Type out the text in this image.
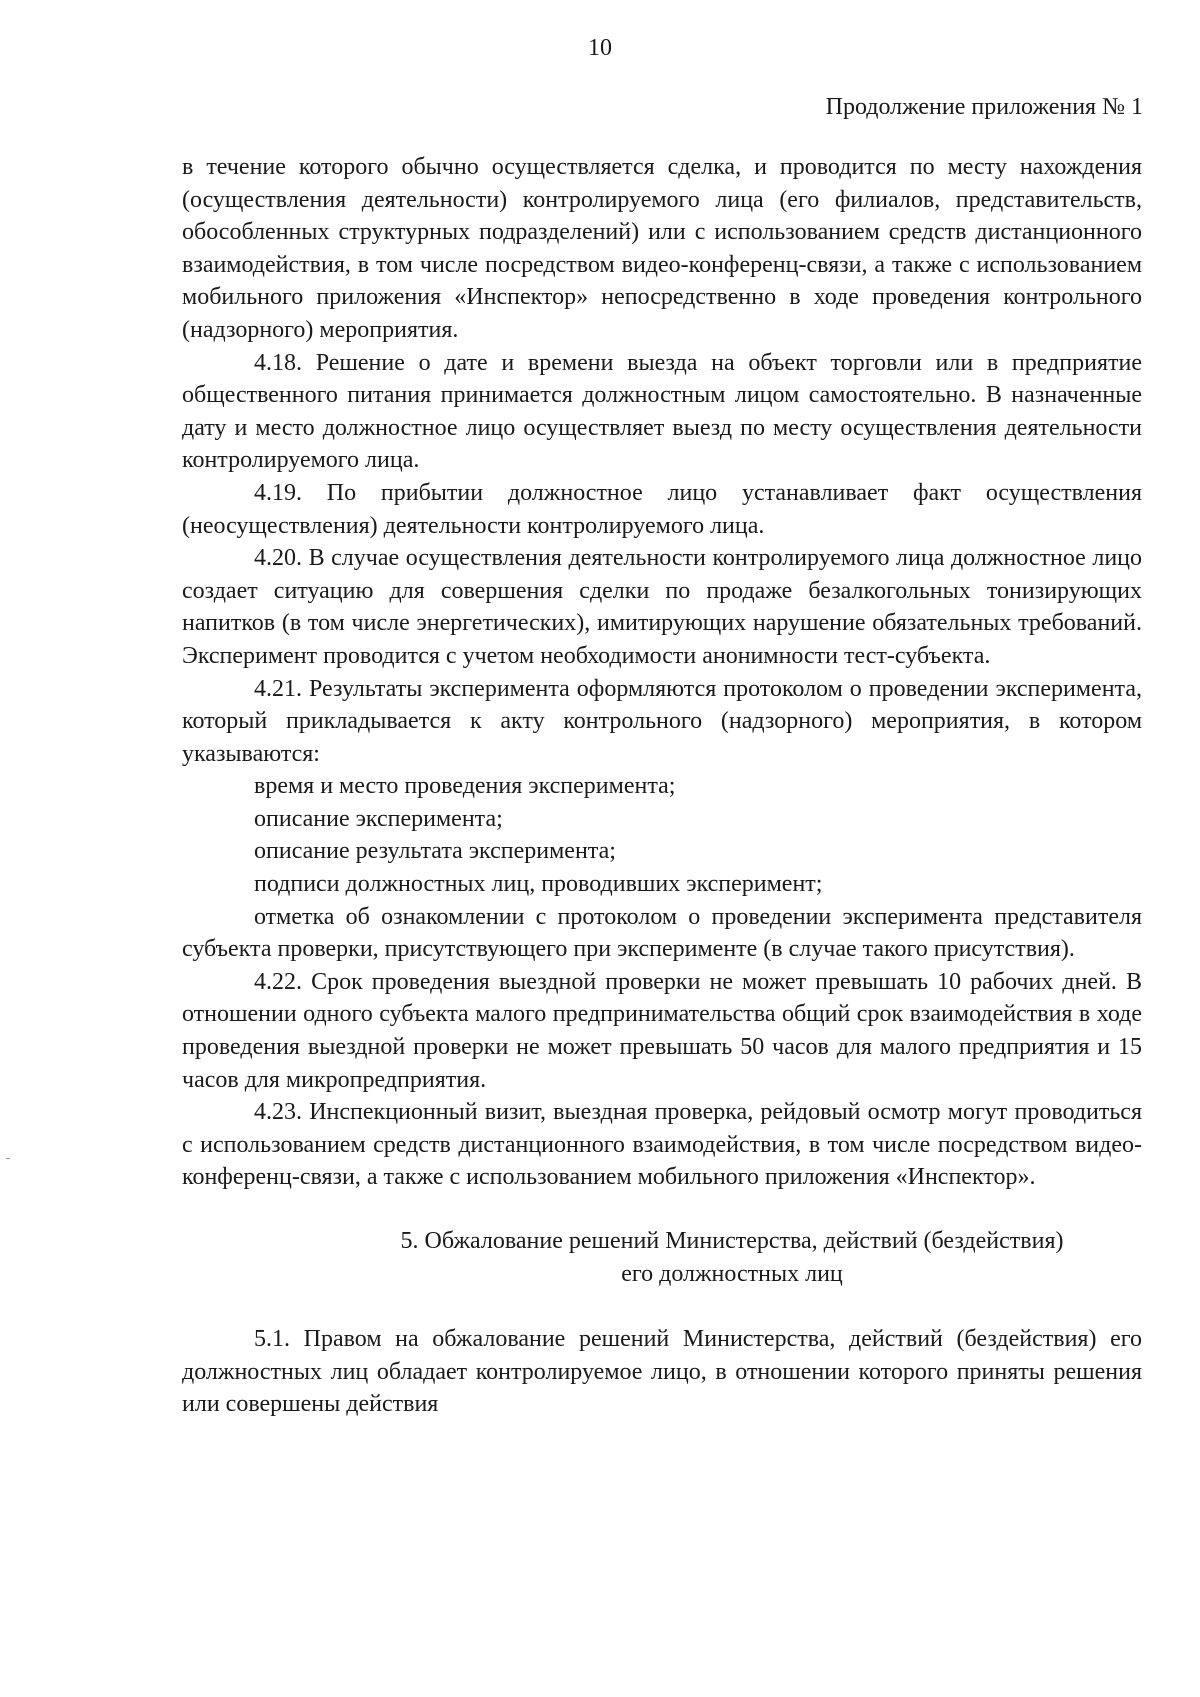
10
Продолжение приложения № 1

в течение которого обычно осуществляется сделка, и проводится по месту нахождения (осуществления деятельности) контролируемого лица (его филиалов, представительств, обособленных структурных подразделений) или с использованием средств дистанционного взаимодействия, в том числе посредством видео-конференц-связи, а также с использованием мобильного приложения «Инспектор» непосредственно в ходе проведения контрольного (надзорного) мероприятия.

4.18. Решение о дате и времени выезда на объект торговли или в предприятие общественного питания принимается должностным лицом самостоятельно. В назначенные дату и место должностное лицо осуществляет выезд по месту осуществления деятельности контролируемого лица.

4.19. По прибытии должностное лицо устанавливает факт осуществления (неосуществления) деятельности контролируемого лица.

4.20. В случае осуществления деятельности контролируемого лица должностное лицо создает ситуацию для совершения сделки по продаже безалкогольных тонизирующих напитков (в том числе энергетических), имитирующих нарушение обязательных требований. Эксперимент проводится с учетом необходимости анонимности тест-субъекта.

4.21. Результаты эксперимента оформляются протоколом о проведении эксперимента, который прикладывается к акту контрольного (надзорного) мероприятия, в котором указываются:

время и место проведения эксперимента;

описание эксперимента;

описание результата эксперимента;

подписи должностных лиц, проводивших эксперимент;

отметка об ознакомлении с протоколом о проведении эксперимента представителя субъекта проверки, присутствующего при эксперименте (в случае такого присутствия).

4.22. Срок проведения выездной проверки не может превышать 10 рабочих дней. В отношении одного субъекта малого предпринимательства общий срок взаимодействия в ходе проведения выездной проверки не может превышать 50 часов для малого предприятия и 15 часов для микропредприятия.

4.23. Инспекционный визит, выездная проверка, рейдовый осмотр могут проводиться с использованием средств дистанционного взаимодействия, в том числе посредством видео-конференц-связи, а также с использованием мобильного приложения «Инспектор».

5. Обжалование решений Министерства, действий (бездействия)
его должностных лиц

5.1. Правом на обжалование решений Министерства, действий (бездействия) его должностных лиц обладает контролируемое лицо, в отношении которого приняты решения или совершены действия
